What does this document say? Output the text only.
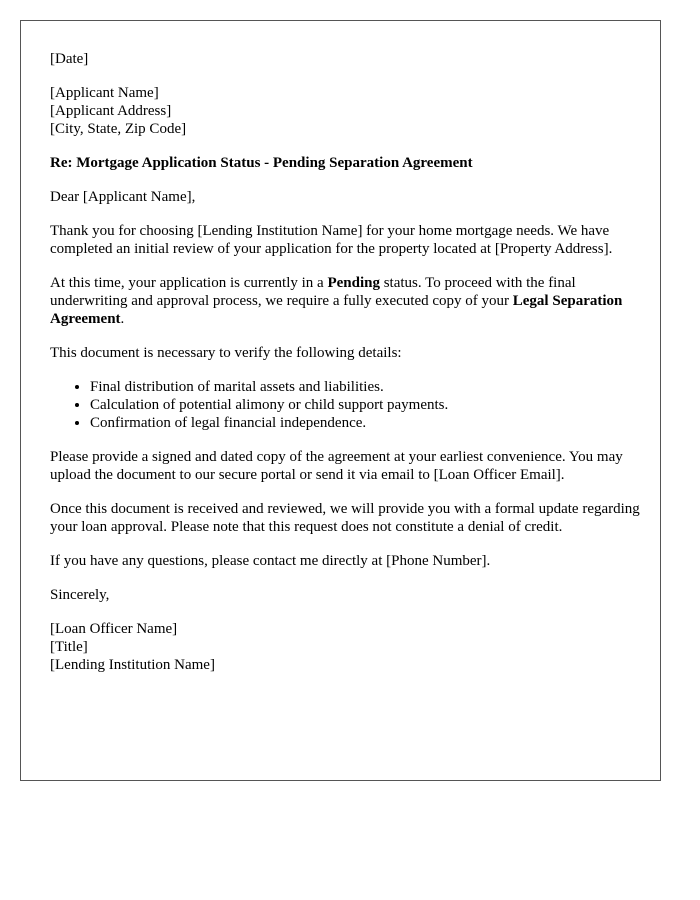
[Date]

[Applicant Name]
[Applicant Address]
[City, State, Zip Code]

Re: Mortgage Application Status - Pending Separation Agreement

Dear [Applicant Name],

Thank you for choosing [Lending Institution Name] for your home mortgage needs. We have completed an initial review of your application for the property located at [Property Address].

At this time, your application is currently in a Pending status. To proceed with the final underwriting and approval process, we require a fully executed copy of your Legal Separation Agreement.

This document is necessary to verify the following details:

• Final distribution of marital assets and liabilities.
• Calculation of potential alimony or child support payments.
• Confirmation of legal financial independence.

Please provide a signed and dated copy of the agreement at your earliest convenience. You may upload the document to our secure portal or send it via email to [Loan Officer Email].

Once this document is received and reviewed, we will provide you with a formal update regarding your loan approval. Please note that this request does not constitute a denial of credit.

If you have any questions, please contact me directly at [Phone Number].

Sincerely,

[Loan Officer Name]
[Title]
[Lending Institution Name]
